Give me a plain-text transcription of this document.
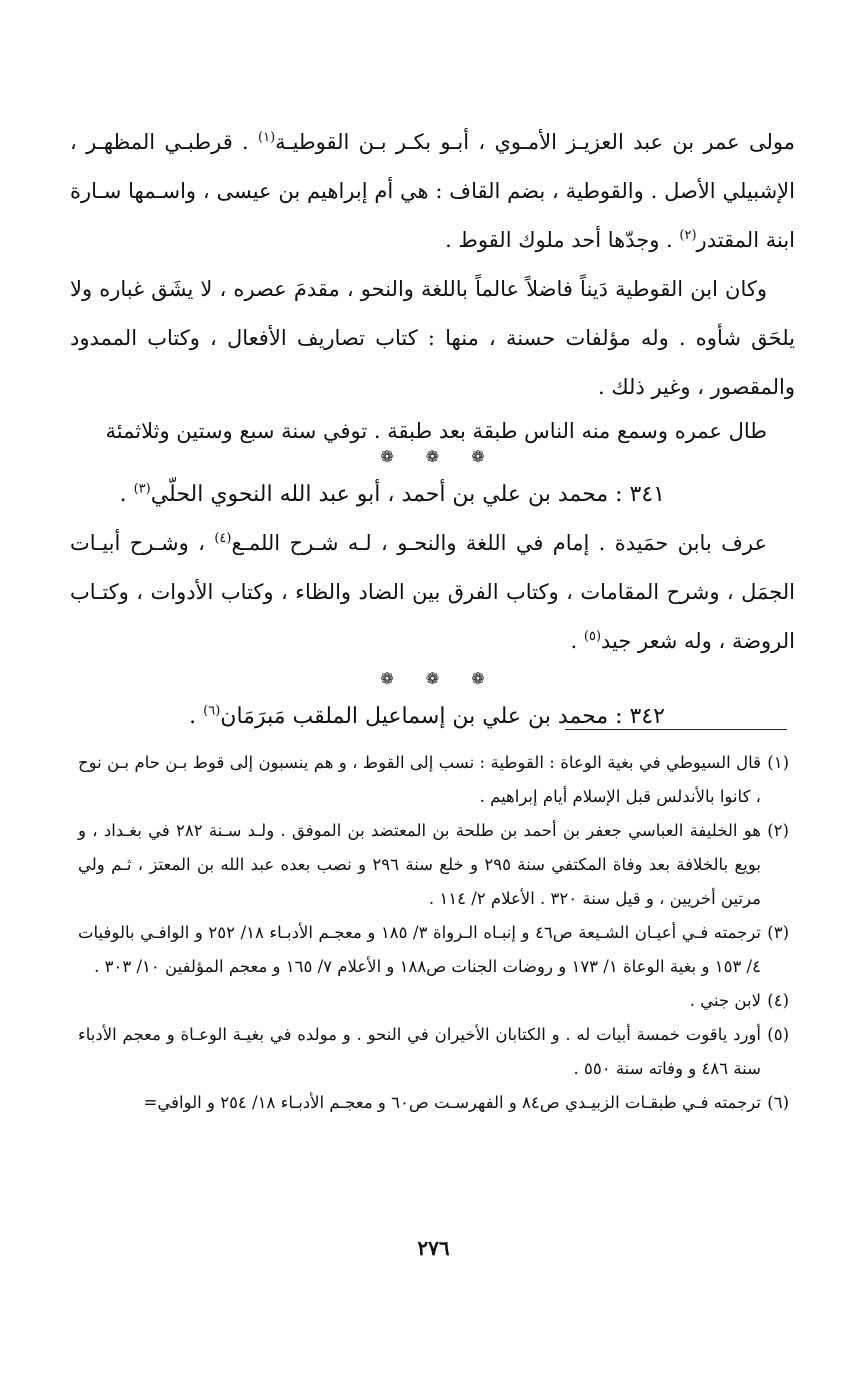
مولى عمر بن عبد العزيـز الأمـوي ، أبـو بكـر بـن القوطيـة$^{(١)}$ . قرطبـي المظهـر ، الإشبيلي الأصل . والقوطية ، بضم القاف : هي أم إبراهيم بن عيسى ، واسـمها سـارة ابنة المقتدر$^{(٢)}$ . وجدّها أحد ملوك القوط .

وكان ابن القوطية دَيناً فاضلاً عالماً باللغة والنحو ، مقدمَ عصره ، لا يشَق غباره ولا يلحَق شأوه . وله مؤلفات حسنة ، منها : كتاب تصاريف الأفعال ، وكتاب الممدود والمقصور ، وغير ذلك .

طال عمره وسمع منه الناس طبقة بعد طبقة . توفي سنة سبع وستين وثلاثمئة

❁❁❁

٣٤١ : محمد بن علي بن أحمد ، أبو عبد الله النحوي الحلّي$^{(٣)}$ .

عرف بابن حمَيدة . إمام في اللغة والنحـو ، لـه شـرح اللمـع$^{(٤)}$ ، وشـرح أبيـات الجمَل ، وشرح المقامات ، وكتاب الفرق بين الضاد والظاء ، وكتاب الأدوات ، وكتـاب الروضة ، وله شعر جيد$^{(٥)}$ .

❁❁❁

٣٤٢ : محمد بن علي بن إسماعيل الملقب مَبرَمَان$^{(٦)}$ .

(١)قال السيوطي في بغية الوعاة : القوطية : نسب إلى القوط ، و هم ينسبون إلى قوط بـن حام بـن نوح ، كانوا بالأندلس قبل الإسلام أيام إبراهيم .

(٢)هو الخليفة العباسي جعفر بن أحمد بن طلحة بن المعتضد بن الموفق . ولـد سـنة ٢٨٢ في بغـداد ، و بويع بالخلافة بعد وفاة المكتفي سنة ٢٩٥ و خلع سنة ٢٩٦ و نصب بعده عبد الله بن المعتز ، ثـم ولي مرتين أخريين ، و قيل سنة ٣٢٠ . الأعلام ٢/ ١١٤ .

(٣)ترجمته فـي أعيـان الشـيعة ص٤٦ و إنبـاه الـرواة ٣/ ١٨٥ و معجـم الأدبـاء ١٨/ ٢٥٢ و الوافـي بالوفيات ٤/ ١٥٣ و بغية الوعاة ١/ ١٧٣ و روضات الجنات ص١٨٨ و الأعلام ٧/ ١٦٥ و معجم المؤلفين ١٠/ ٣٠٣ .

(٤)لابن جني .

(٥)أورد ياقوت خمسة أبيات له . و الكتابان الأخيران في النحو . و مولده في بغيـة الوعـاة و معجم الأدباء سنة ٤٨٦ و وفاته سنة ٥٥٠ .

(٦)ترجمته فـي طبقـات الزبيـدي ص٨٤ و الفهرسـت ص٦٠ و معجـم الأدبـاء ١٨/ ٢٥٤ و الوافي=

٢٧٦
